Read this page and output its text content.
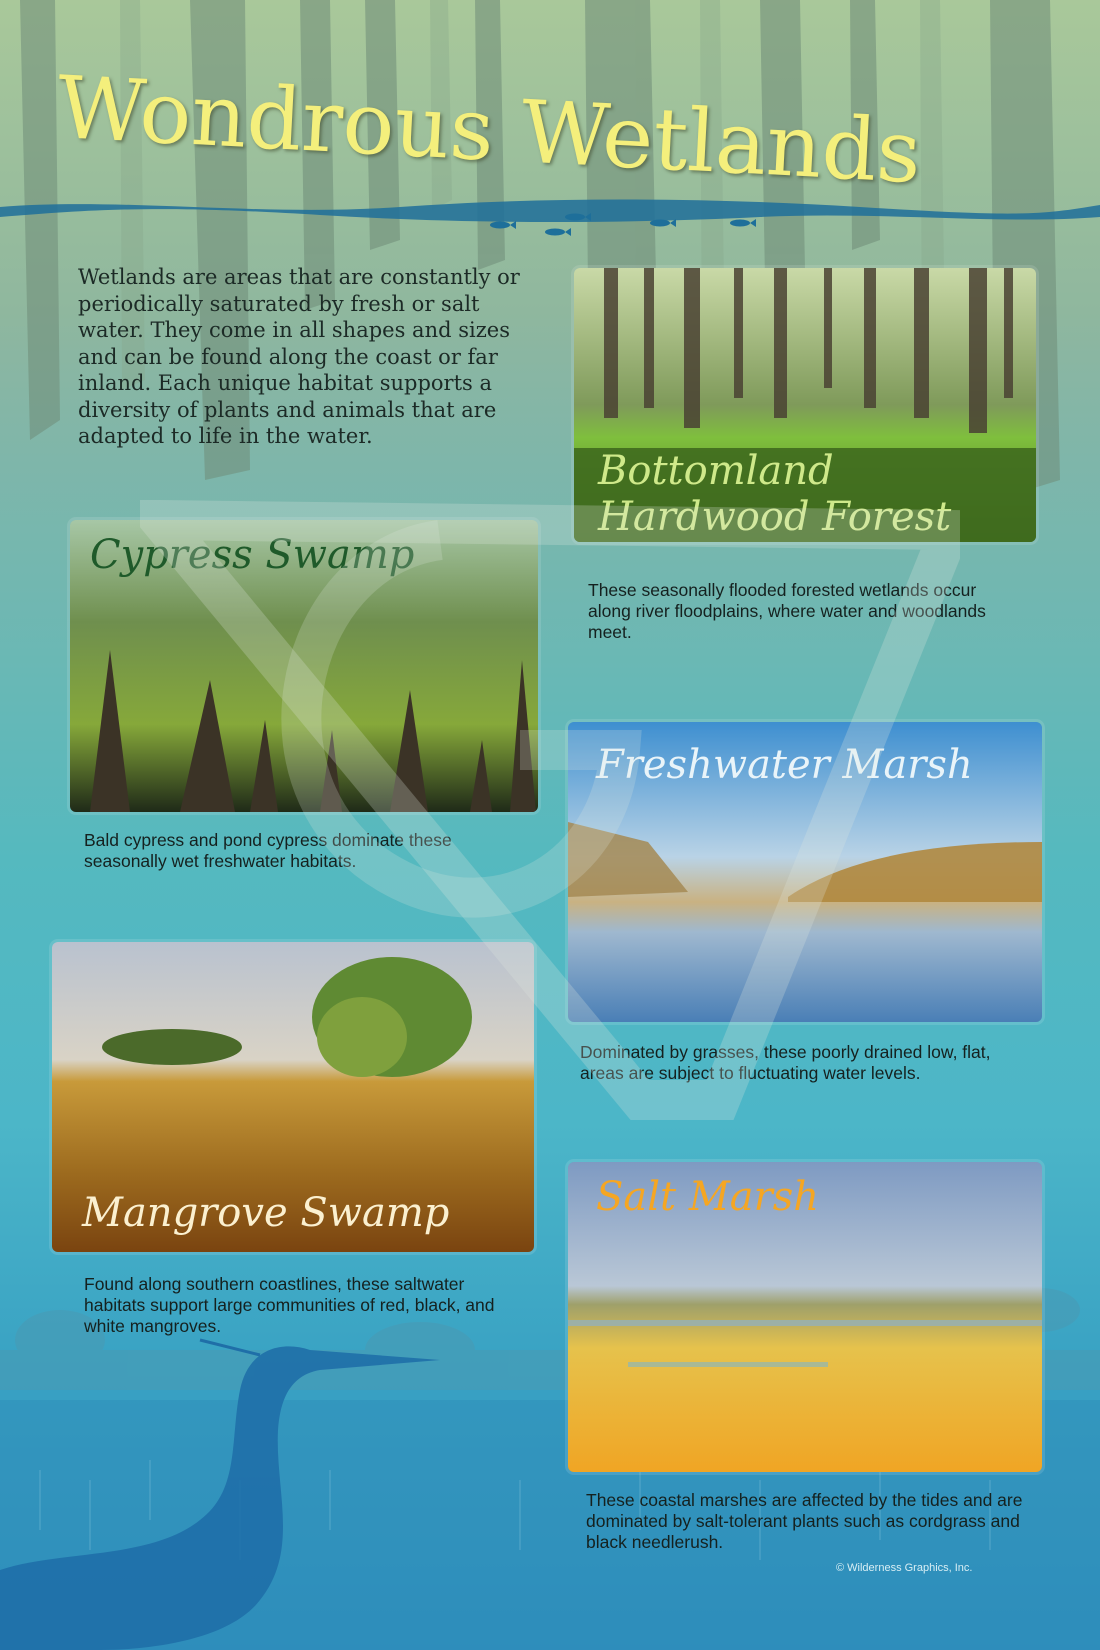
Wondrous Wetlands
Wetlands are areas that are constantly or periodically saturated by fresh or salt water. They come in all shapes and sizes and can be found along the coast or far inland. Each unique habitat supports a diversity of plants and animals that are adapted to life in the water.
Bottomland
Hardwood Forest
These seasonally flooded forested wetlands occur along river floodplains, where water and woodlands meet.
Cypress Swamp
Bald cypress and pond cypress dominate these seasonally wet freshwater habitats.
Freshwater Marsh
Dominated by grasses, these poorly drained low, flat, areas are subject to fluctuating water levels.
Mangrove Swamp
Found along southern coastlines, these saltwater habitats support large communities of red, black, and white mangroves.
Salt Marsh
These coastal marshes are affected by the tides and are dominated by salt-tolerant plants such as cordgrass and black needlerush.
© Wilderness Graphics, Inc.
